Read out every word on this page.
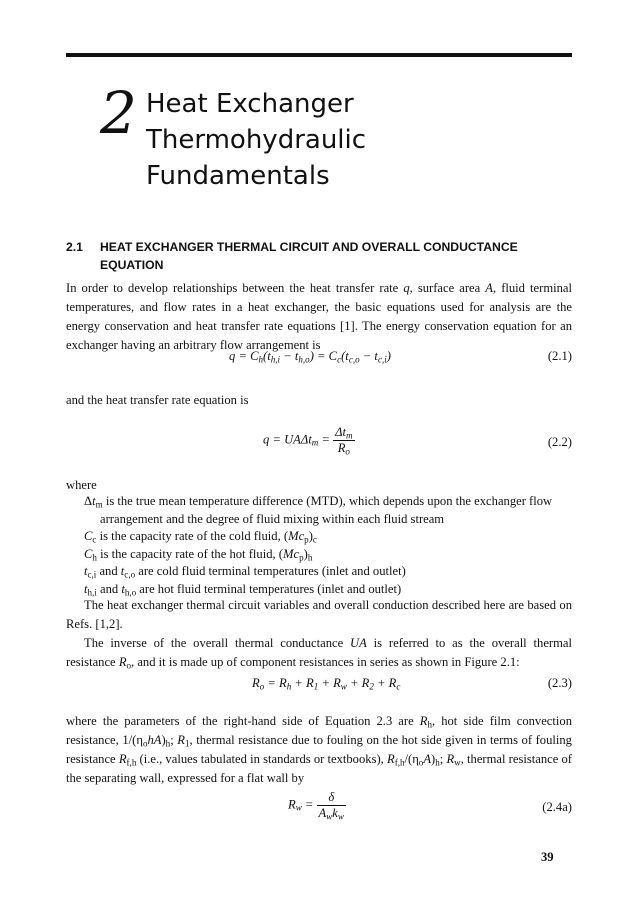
2 Heat Exchanger
Thermohydraulic
Fundamentals
2.1 HEAT EXCHANGER THERMAL CIRCUIT AND OVERALL CONDUCTANCE EQUATION
In order to develop relationships between the heat transfer rate q, surface area A, fluid terminal temperatures, and flow rates in a heat exchanger, the basic equations used for analysis are the energy conservation and heat transfer rate equations [1]. The energy conservation equation for an exchanger having an arbitrary flow arrangement is
$q = C_h(t_{h,i} - t_{h,o}) = C_c(t_{c,o} - t_{c,i})$	(2.1)
and the heat transfer rate equation is
$q = UA\Delta t_m = \frac{\Delta t_m}{R_o}$	(2.2)
where
$\Delta t_m$ is the true mean temperature difference (MTD), which depends upon the exchanger flow arrangement and the degree of fluid mixing within each fluid stream
$C_c$ is the capacity rate of the cold fluid, $(Mc_p)_c$
$C_h$ is the capacity rate of the hot fluid, $(Mc_p)_h$
$t_{c,i}$ and $t_{c,o}$ are cold fluid terminal temperatures (inlet and outlet)
$t_{h,i}$ and $t_{h,o}$ are hot fluid terminal temperatures (inlet and outlet)
The heat exchanger thermal circuit variables and overall conduction described here are based on Refs. [1,2].
The inverse of the overall thermal conductance UA is referred to as the overall thermal resistance $R_o$, and it is made up of component resistances in series as shown in Figure 2.1:
$R_o = R_h + R_1 + R_w + R_2 + R_c$	(2.3)
where the parameters of the right-hand side of Equation 2.3 are $R_h$, hot side film convection resistance, $1/(\eta_ohA)_h$; $R_1$, thermal resistance due to fouling on the hot side given in terms of fouling resistance $R_{f,h}$ (i.e., values tabulated in standards or textbooks), $R_{f,h}/(\eta_oA)_h$; $R_w$, thermal resistance of the separating wall, expressed for a flat wall by
$R_w = \frac{\delta}{A_wk_w}$	(2.4a)
39
